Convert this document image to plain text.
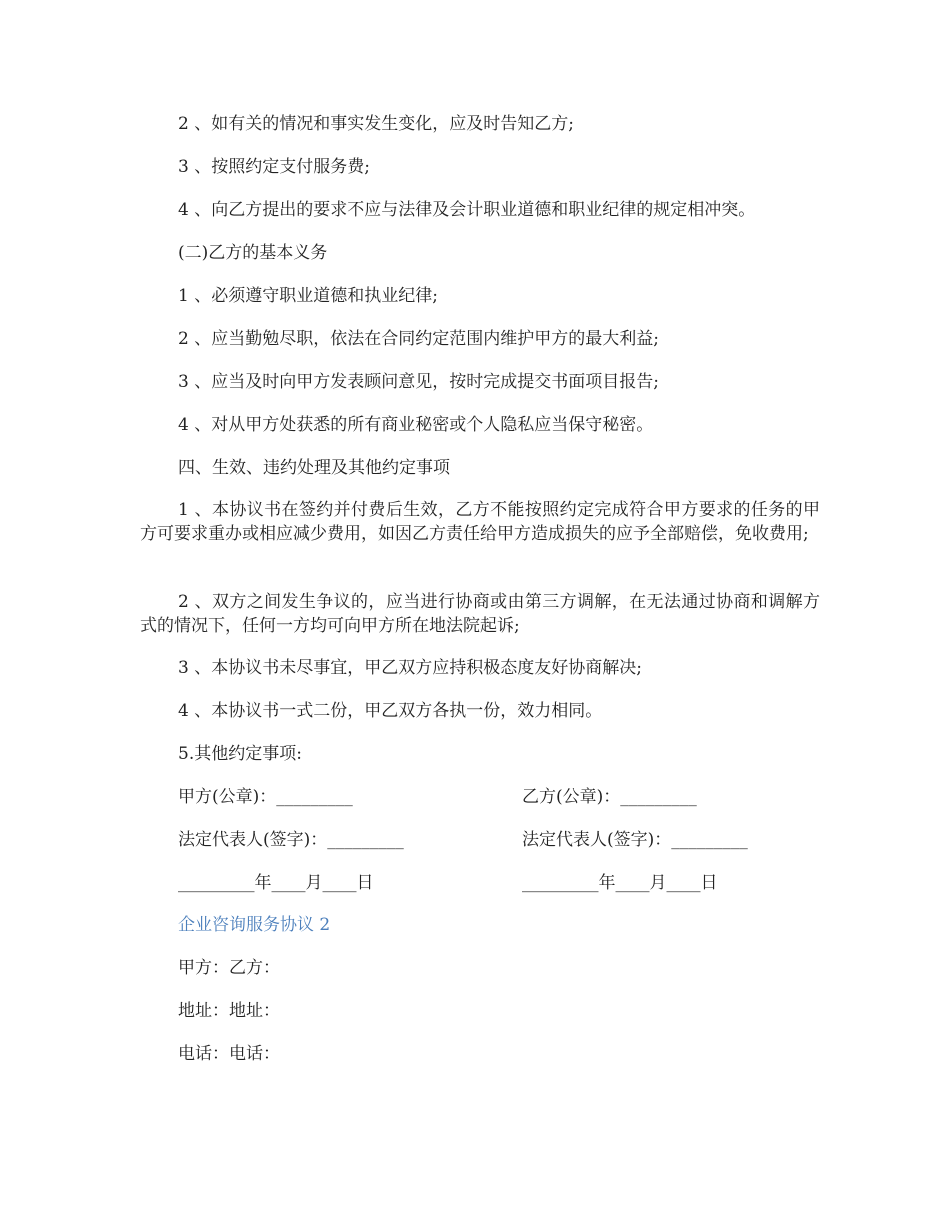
2 、如有关的情况和事实发生变化，应及时告知乙方;
3 、按照约定支付服务费;
4 、向乙方提出的要求不应与法律及会计职业道德和职业纪律的规定相冲突。
(二)乙方的基本义务
1 、必须遵守职业道德和执业纪律;
2 、应当勤勉尽职，依法在合同约定范围内维护甲方的最大利益;
3 、应当及时向甲方发表顾问意见，按时完成提交书面项目报告;
4 、对从甲方处获悉的所有商业秘密或个人隐私应当保守秘密。
四、生效、违约处理及其他约定事项
1 、本协议书在签约并付费后生效，乙方不能按照约定完成符合甲方要求的任务的甲方可要求重办或相应减少费用，如因乙方责任给甲方造成损失的应予全部赔偿，免收费用;
2 、双方之间发生争议的，应当进行协商或由第三方调解，在无法通过协商和调解方式的情况下，任何一方均可向甲方所在地法院起诉;
3 、本协议书未尽事宜，甲乙双方应持积极态度友好协商解决;
4 、本协议书一式二份，甲乙双方各执一份，效力相同。
5.其他约定事项:
甲方(公章)：_________	乙方(公章)：_________
法定代表人(签字)：_________	法定代表人(签字)：_________
_________年____月____日	_________年____月____日
企业咨询服务协议 2
甲方：乙方：
地址：地址：
电话：电话：
